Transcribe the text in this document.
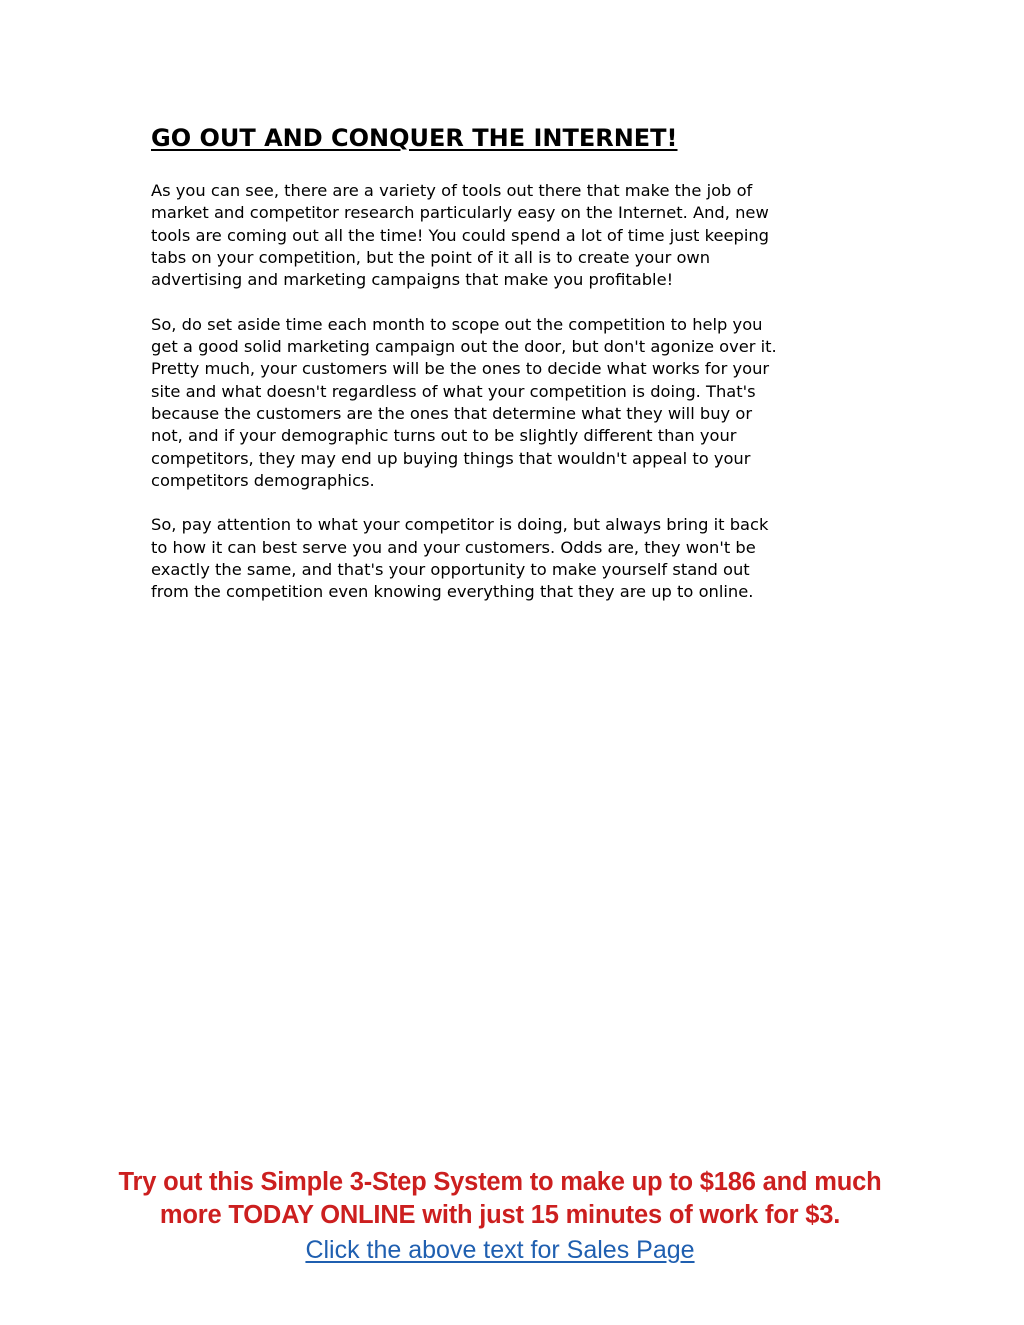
GO OUT AND CONQUER THE INTERNET!

As you can see, there are a variety of tools out there that make the job of
market and competitor research particularly easy on the Internet. And, new
tools are coming out all the time! You could spend a lot of time just keeping
tabs on your competition, but the point of it all is to create your own
advertising and marketing campaigns that make you profitable!

So, do set aside time each month to scope out the competition to help you
get a good solid marketing campaign out the door, but don't agonize over it.
Pretty much, your customers will be the ones to decide what works for your
site and what doesn't regardless of what your competition is doing. That's
because the customers are the ones that determine what they will buy or
not, and if your demographic turns out to be slightly different than your
competitors, they may end up buying things that wouldn't appeal to your
competitors demographics.

So, pay attention to what your competitor is doing, but always bring it back
to how it can best serve you and your customers. Odds are, they won't be
exactly the same, and that's your opportunity to make yourself stand out
from the competition even knowing everything that they are up to online.

Try out this Simple 3-Step System to make up to $186 and much
more TODAY ONLINE with just 15 minutes of work for $3.
Click the above text for Sales Page
